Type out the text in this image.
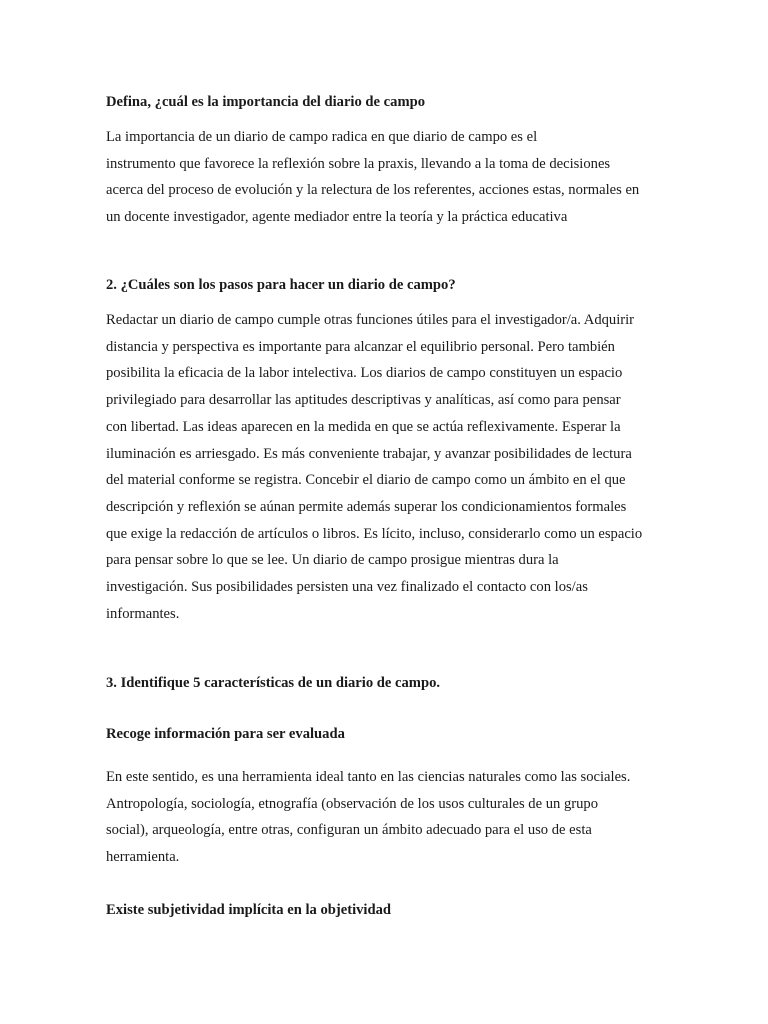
Defina, ¿cuál es la importancia del diario de campo
La importancia de un diario de campo radica en que diario de campo es el
instrumento que favorece la reflexión sobre la praxis, llevando a la toma de decisiones
acerca del proceso de evolución y la relectura de los referentes, acciones estas, normales en
un docente investigador, agente mediador entre la teoría y la práctica educativa
2. ¿Cuáles son los pasos para hacer un diario de campo?
Redactar un diario de campo cumple otras funciones útiles para el investigador/a. Adquirir
distancia y perspectiva es importante para alcanzar el equilibrio personal. Pero también
posibilita la eficacia de la labor intelectiva. Los diarios de campo constituyen un espacio
privilegiado para desarrollar las aptitudes descriptivas y analíticas, así como para pensar
con libertad. Las ideas aparecen en la medida en que se actúa reflexivamente. Esperar la
iluminación es arriesgado. Es más conveniente trabajar, y avanzar posibilidades de lectura
del material conforme se registra. Concebir el diario de campo como un ámbito en el que
descripción y reflexión se aúnan permite además superar los condicionamientos formales
que exige la redacción de artículos o libros. Es lícito, incluso, considerarlo como un espacio
para pensar sobre lo que se lee. Un diario de campo prosigue mientras dura la
investigación. Sus posibilidades persisten una vez finalizado el contacto con los/as
informantes.
3. Identifique 5 características de un diario de campo.
Recoge información para ser evaluada
En este sentido, es una herramienta ideal tanto en las ciencias naturales como las sociales.
Antropología, sociología, etnografía (observación de los usos culturales de un grupo
social), arqueología, entre otras, configuran un ámbito adecuado para el uso de esta
herramienta.
Existe subjetividad implícita en la objetividad
